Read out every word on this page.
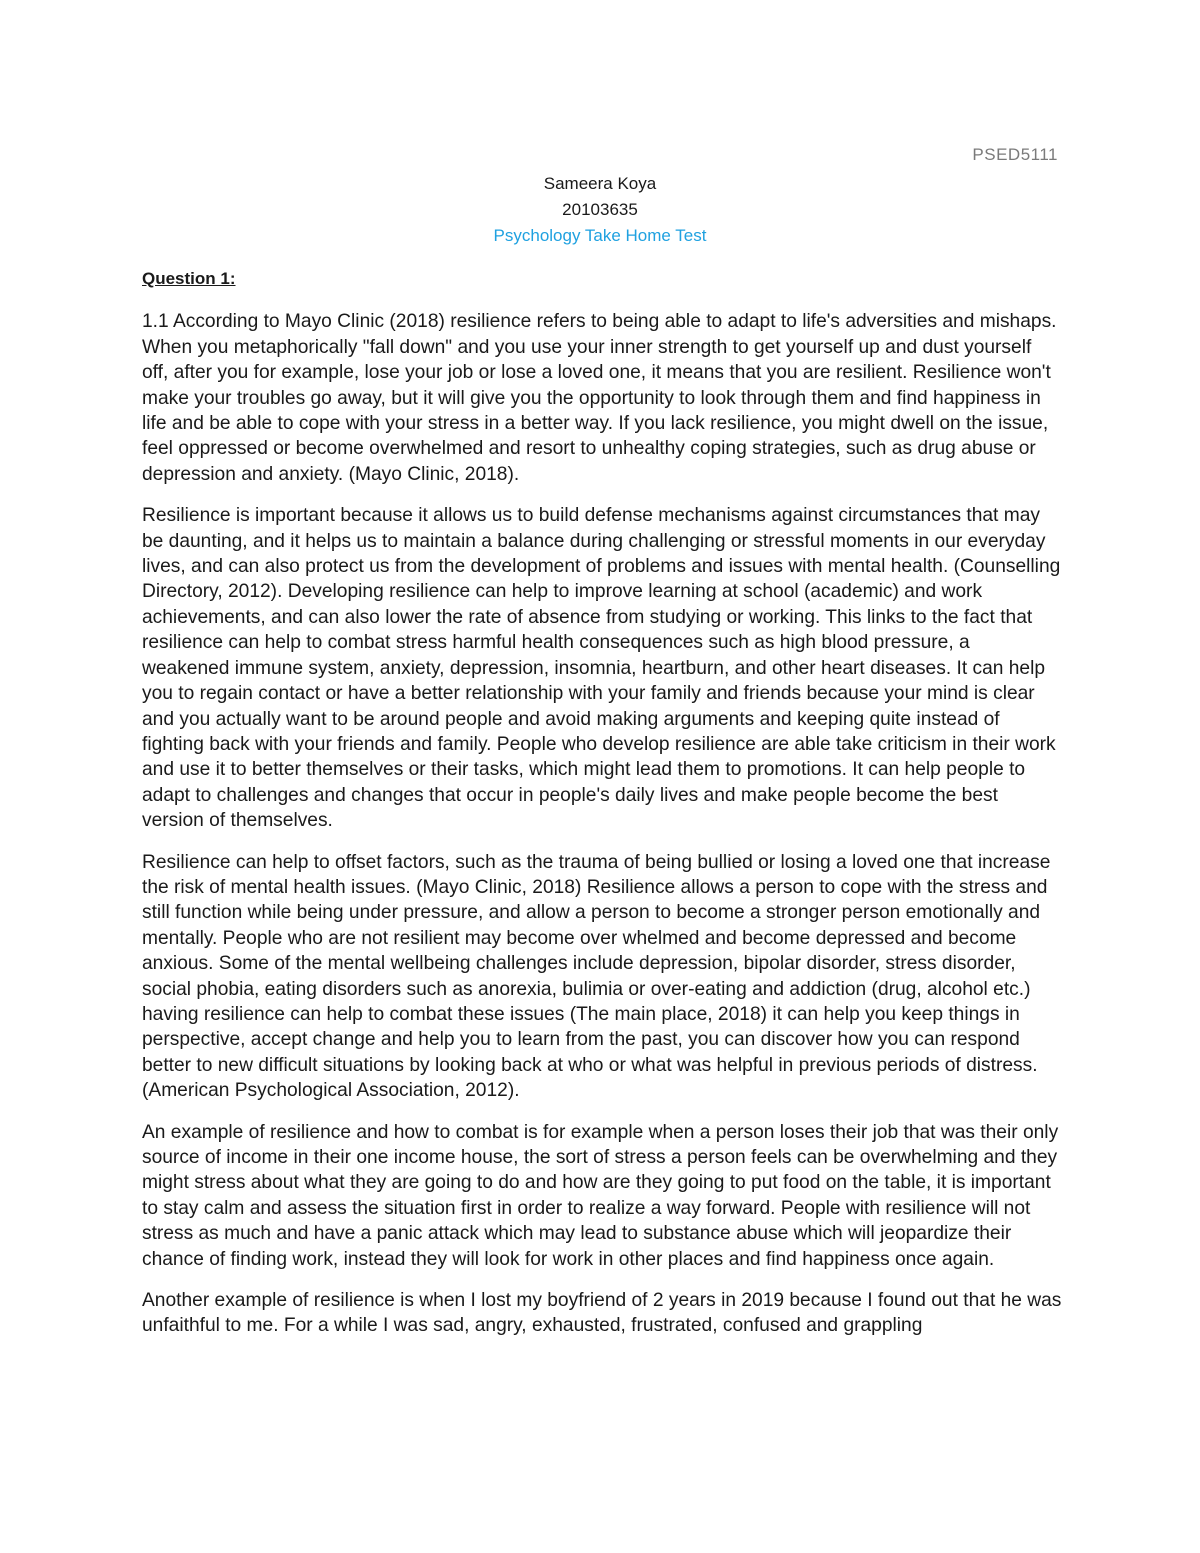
PSED5111
Sameera Koya
20103635
Psychology Take Home Test
Question 1:

1.1 According to Mayo Clinic (2018) resilience refers to being able to adapt to life's adversities and mishaps. When you metaphorically "fall down" and you use your inner strength to get yourself up and dust yourself off, after you for example, lose your job or lose a loved one, it means that you are resilient. Resilience won't make your troubles go away, but it will give you the opportunity to look through them and find happiness in life and be able to cope with your stress in a better way. If you lack resilience, you might dwell on the issue, feel oppressed or become overwhelmed and resort to unhealthy coping strategies, such as drug abuse or depression and anxiety. (Mayo Clinic, 2018).

Resilience is important because it allows us to build defense mechanisms against circumstances that may be daunting, and it helps us to maintain a balance during challenging or stressful moments in our everyday lives, and can also protect us from the development of problems and issues with mental health. (Counselling Directory, 2012). Developing resilience can help to improve learning at school (academic) and work achievements, and can also lower the rate of absence from studying or working. This links to the fact that resilience can help to combat stress harmful health consequences such as high blood pressure, a weakened immune system, anxiety, depression, insomnia, heartburn, and other heart diseases. It can help you to regain contact or have a better relationship with your family and friends because your mind is clear and you actually want to be around people and avoid making arguments and keeping quite instead of fighting back with your friends and family. People who develop resilience are able take criticism in their work and use it to better themselves or their tasks, which might lead them to promotions. It can help people to adapt to challenges and changes that occur in people's daily lives and make people become the best version of themselves.

Resilience can help to offset factors, such as the trauma of being bullied or losing a loved one that increase the risk of mental health issues. (Mayo Clinic, 2018) Resilience allows a person to cope with the stress and still function while being under pressure, and allow a person to become a stronger person emotionally and mentally. People who are not resilient may become over whelmed and become depressed and become anxious. Some of the mental wellbeing challenges include depression, bipolar disorder, stress disorder, social phobia, eating disorders such as anorexia, bulimia or over-eating and addiction (drug, alcohol etc.) having resilience can help to combat these issues (The main place, 2018) it can help you keep things in perspective, accept change and help you to learn from the past, you can discover how you can respond better to new difficult situations by looking back at who or what was helpful in previous periods of distress. (American Psychological Association, 2012).

An example of resilience and how to combat is for example when a person loses their job that was their only source of income in their one income house, the sort of stress a person feels can be overwhelming and they might stress about what they are going to do and how are they going to put food on the table, it is important to stay calm and assess the situation first in order to realize a way forward. People with resilience will not stress as much and have a panic attack which may lead to substance abuse which will jeopardize their chance of finding work, instead they will look for work in other places and find happiness once again.

Another example of resilience is when I lost my boyfriend of 2 years in 2019 because I found out that he was unfaithful to me. For a while I was sad, angry, exhausted, frustrated, confused and grappling
